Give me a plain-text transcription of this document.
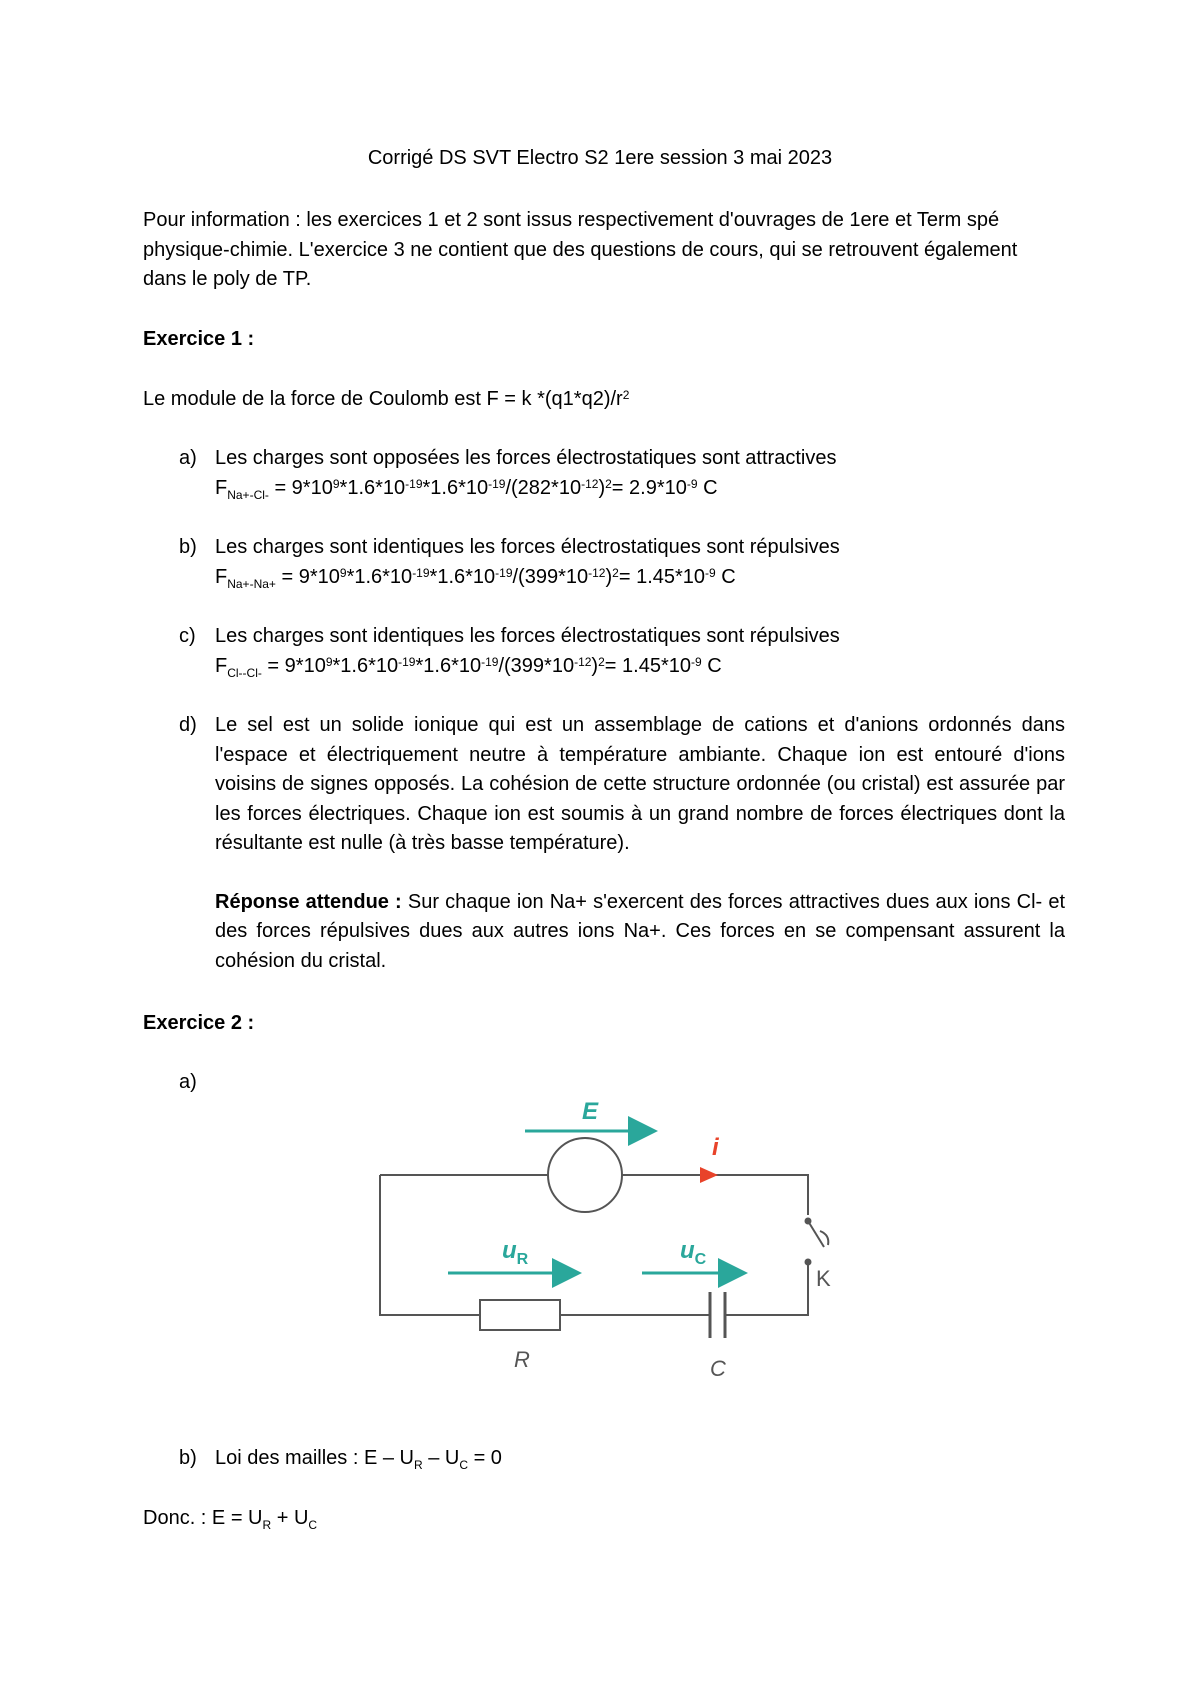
Corrigé DS SVT Electro S2 1ere session 3 mai 2023
Pour information : les exercices 1 et 2 sont issus respectivement d'ouvrages de 1ere et Term spé physique-chimie. L'exercice 3 ne contient que des questions de cours, qui se retrouvent également dans le poly de TP.
Exercice 1 :
Le module de la force de Coulomb est F = k $*(q1*q2)/r^2$
a) Les charges sont opposées les forces électrostatiques sont attractives
$F_{Na+-Cl-} = 9*10^9*1.6*10^{-19}*1.6*10^{-19}/(282*10^{-12})^2= 2.9*10^{-9}$ C
b) Les charges sont identiques les forces électrostatiques sont répulsives
$F_{Na+-Na+} = 9*10^9*1.6*10^{-19}*1.6*10^{-19}/(399*10^{-12})^2= 1.45*10^{-9}$ C
c) Les charges sont identiques les forces électrostatiques sont répulsives
$F_{Cl--Cl-} = 9*10^9*1.6*10^{-19}*1.6*10^{-19}/(399*10^{-12})^2= 1.45*10^{-9}$ C
d) Le sel est un solide ionique qui est un assemblage de cations et d'anions ordonnés dans l'espace et électriquement neutre à température ambiante. Chaque ion est entouré d'ions voisins de signes opposés. La cohésion de cette structure ordonnée (ou cristal) est assurée par les forces électriques. Chaque ion est soumis à un grand nombre de forces électriques dont la résultante est nulle (à très basse température).
Réponse attendue : Sur chaque ion Na+ s'exercent des forces attractives dues aux ions Cl- et des forces répulsives dues aux autres ions Na+. Ces forces en se compensant assurent la cohésion du cristal.
Exercice 2 :
a)
i
E
$u_R$	$u_C$
R	C
K
b) Loi des mailles : $E - U_R - U_C = 0$
Donc. : $E = U_R + U_C$
